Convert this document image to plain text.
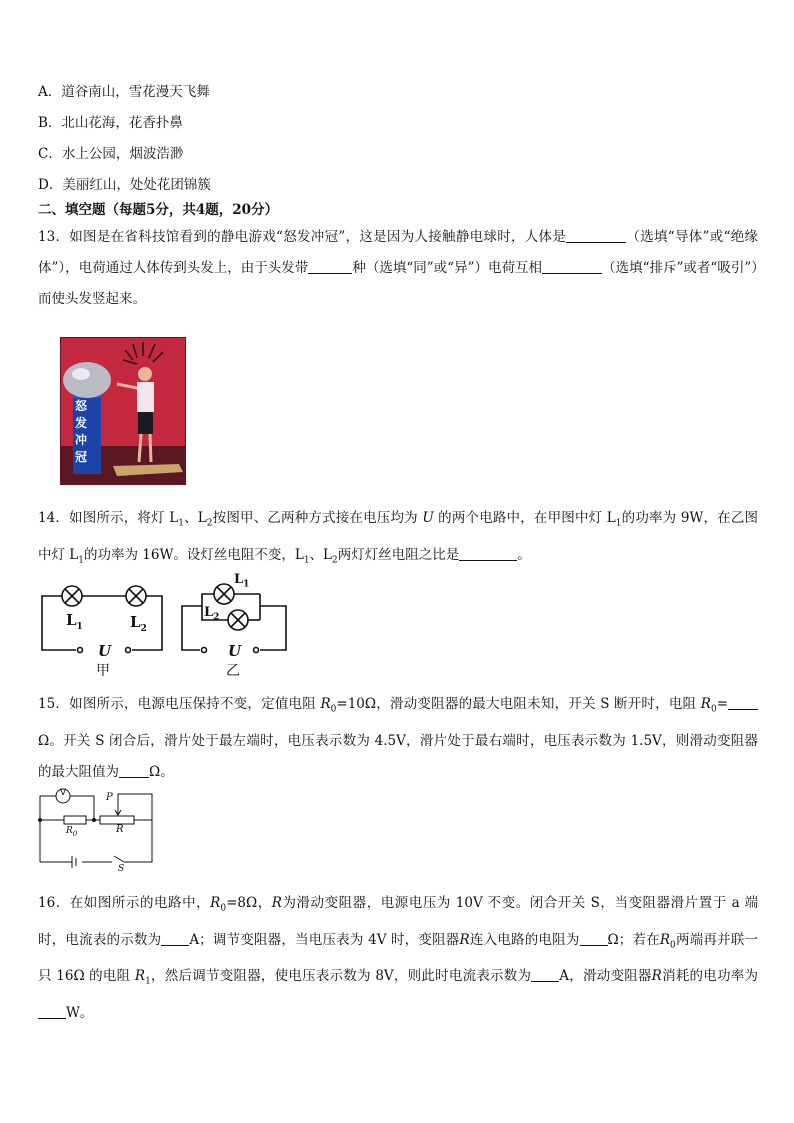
A．道谷南山，雪花漫天飞舞
B．北山花海，花香扑鼻
C．水上公园，烟波浩渺
D．美丽红山，处处花团锦簇
二、填空题（每题5分，共4题，20分）
13．如图是在省科技馆看到的静电游戏“怒发冲冠”，这是因为人接触静电球时，人体是	（选填“导体”或“绝缘体”），电荷通过人体传到头发上，由于头发带	种（选填“同”或“异”）电荷互相	（选填“排斥”或者“吸引”）而使头发竖起来。
怒发冲冠
14．如图所示，将灯 $L_1$、$L_2$按图甲、乙两种方式接在电压均为 U 的两个电路中，在甲图中灯 $L_1$的功率为 9W，在乙图中灯 $L_1$的功率为 16W。设灯丝电阻不变，$L_1$、$L_2$两灯灯丝电阻之比是	。
$L_1$	$L_2$
U
甲
$L_1$
$L_2$
U
乙
15．如图所示，电源电压保持不变，定值电阻 $R_0=10\Omega$，滑动变阻器的最大电阻未知，开关 S 断开时，电阻 $R_0=\Omega$。开关 S 闭合后，滑片处于最左端时，电压表示数为 4.5V，滑片处于最右端时，电压表示数为 1.5V，则滑动变阻器的最大阻值为 Ω。
V	P
$R_0$	R
S
16．在如图所示的电路中，$R_0=8\Omega$，R为滑动变阻器，电源电压为 10V 不变。闭合开关 S，当变阻器滑片置于 a 端时，电流表的示数为 A；调节变阻器，当电压表为 4V 时，变阻器R连入电路的电阻为 Ω；若在$R_0$两端再并联一只 16Ω 的电阻 $R_1$，然后调节变阻器，使电压表示数为 8V，则此时电流表示数为 A，滑动变阻器R消耗的电功率为W。
